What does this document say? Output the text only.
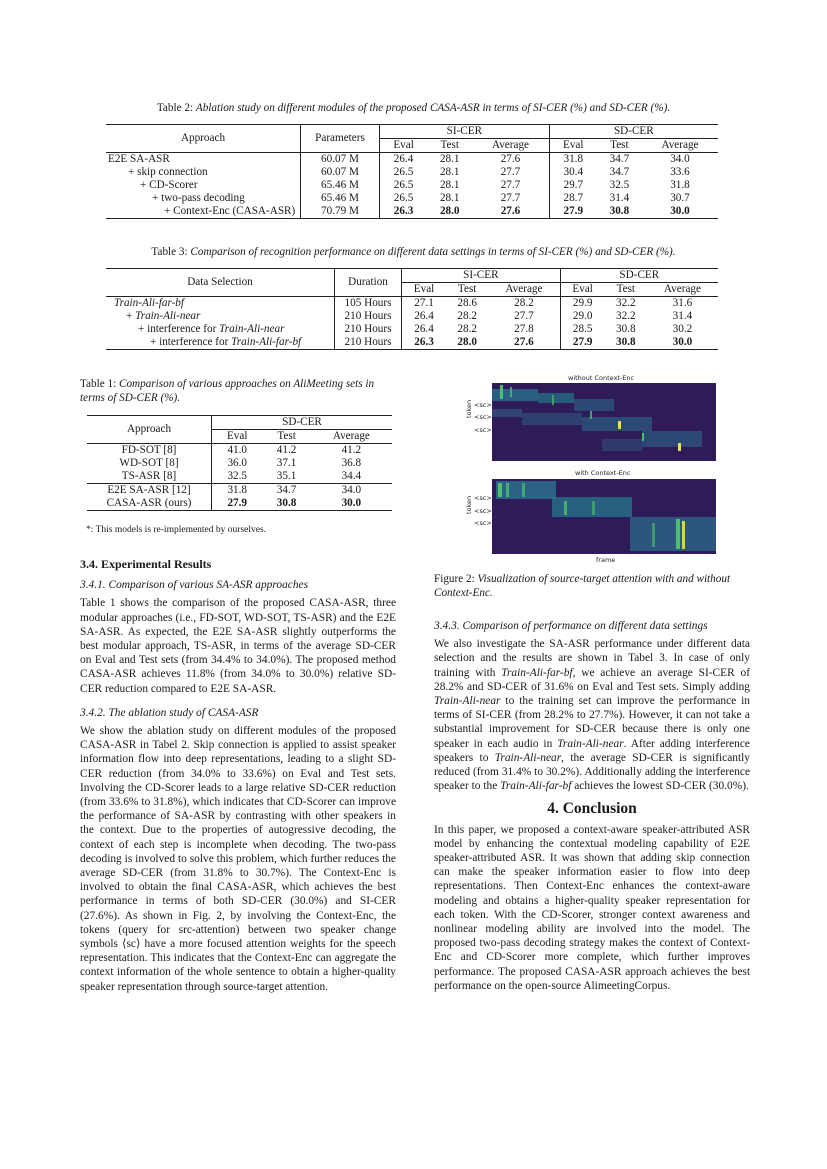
Table 2: Ablation study on different modules of the proposed CASA-ASR in terms of SI-CER (%) and SD-CER (%).
Approach	Parameters	SI-CER			SD-CER		
		Eval	Test	Average	Eval	Test	Average
E2E SA-ASR	60.07 M	26.4	28.1	27.6	31.8	34.7	34.0
+ skip connection	60.07 M	26.5	28.1	27.7	30.4	34.7	33.6
+ CD-Scorer	65.46 M	26.5	28.1	27.7	29.7	32.5	31.8
+ two-pass decoding	65.46 M	26.5	28.1	27.7	28.7	31.4	30.7
+ Context-Enc (CASA-ASR)	70.79 M	26.3	28.0	27.6	27.9	30.8	30.0
Table 3: Comparison of recognition performance on different data settings in terms of SI-CER (%) and SD-CER (%).
Data Selection	Duration	SI-CER			SD-CER		
		Eval	Test	Average	Eval	Test	Average
Train-Ali-far-bf	105 Hours	27.1	28.6	28.2	29.9	32.2	31.6
+ Train-Ali-near	210 Hours	26.4	28.2	27.7	29.0	32.2	31.4
+ interference for Train-Ali-near	210 Hours	26.4	28.2	27.8	28.5	30.8	30.2
+ interference for Train-Ali-far-bf	210 Hours	26.3	28.0	27.6	27.9	30.8	30.0
Table 1: Comparison of various approaches on AliMeeting sets in terms of SD-CER (%).
Approach	SD-CER		
	Eval	Test	Average
FD-SOT [8]	41.0	41.2	41.2
WD-SOT [8]	36.0	37.1	36.8
TS-ASR [8]	32.5	35.1	34.4
E2E SA-ASR [12]	31.8	34.7	34.0
CASA-ASR (ours)	27.9	30.8	30.0
*: This models is re-implemented by ourselves.
without Context-Enc
token <sc>
<sc>
<sc>
with Context-Enc
token <sc>
<sc>
<sc>
frame
Figure 2: Visualization of source-target attention with and without Context-Enc.
3.4. Experimental Results
3.4.1. Comparison of various SA-ASR approaches

Table 1 shows the comparison of the proposed CASA-ASR, three modular approaches (i.e., FD-SOT, WD-SOT, TS-ASR) and the E2E SA-ASR. As expected, the E2E SA-ASR slightly outperforms the best modular approach, TS-ASR, in terms of the average SD-CER on Eval and Test sets (from 34.4% to 34.0%). The proposed method CASA-ASR achieves 11.8% (from 34.0% to 30.0%) relative SD-CER reduction compared to E2E SA-ASR.

3.4.2. The ablation study of CASA-ASR

We show the ablation study on different modules of the proposed CASA-ASR in Tabel 2. Skip connection is applied to assist speaker information flow into deep representations, leading to a slight SD-CER reduction (from 34.0% to 33.6%) on Eval and Test sets. Involving the CD-Scorer leads to a large relative SD-CER reduction (from 33.6% to 31.8%), which indicates that CD-Scorer can improve the performance of SA-ASR by contrasting with other speakers in the context. Due to the properties of autogressive decoding, the context of each step is incomplete when decoding. The two-pass decoding is involved to solve this problem, which further reduces the average SD-CER (from 31.8% to 30.7%). The Context-Enc is involved to obtain the final CASA-ASR, which achieves the best performance in terms of both SD-CER (30.0%) and SI-CER (27.6%). As shown in Fig. 2, by involving the Context-Enc, the tokens (query for src-attention) between two speaker change symbols ⟨sc⟩ have a more focused attention weights for the speech representation. This indicates that the Context-Enc can aggregate the context information of the whole sentence to obtain a higher-quality speaker representation through source-target attention.

3.4.3. Comparison of performance on different data settings

We also investigate the SA-ASR performance under different data selection and the results are shown in Tabel 3. In case of only training with Train-Ali-far-bf, we achieve an average SI-CER of 28.2% and SD-CER of 31.6% on Eval and Test sets. Simply adding Train-Ali-near to the training set can improve the performance in terms of SI-CER (from 28.2% to 27.7%). However, it can not take a substantial improvement for SD-CER because there is only one speaker in each audio in Train-Ali-near. After adding interference speakers to Train-Ali-near, the average SD-CER is significantly reduced (from 31.4% to 30.2%). Additionally adding the interference speaker to the Train-Ali-far-bf achieves the lowest SD-CER (30.0%).

4. Conclusion

In this paper, we proposed a context-aware speaker-attributed ASR model by enhancing the contextual modeling capability of E2E speaker-attributed ASR. It was shown that adding skip connection can make the speaker information easier to flow into deep representations. Then Context-Enc enhances the context-aware modeling and obtains a higher-quality speaker representation for each token. With the CD-Scorer, stronger context awareness and nonlinear modeling ability are involved into the model. The proposed two-pass decoding strategy makes the context of Context-Enc and CD-Scorer more complete, which further improves performance. The proposed CASA-ASR approach achieves the best performance on the open-source AlimeetingCorpus.
